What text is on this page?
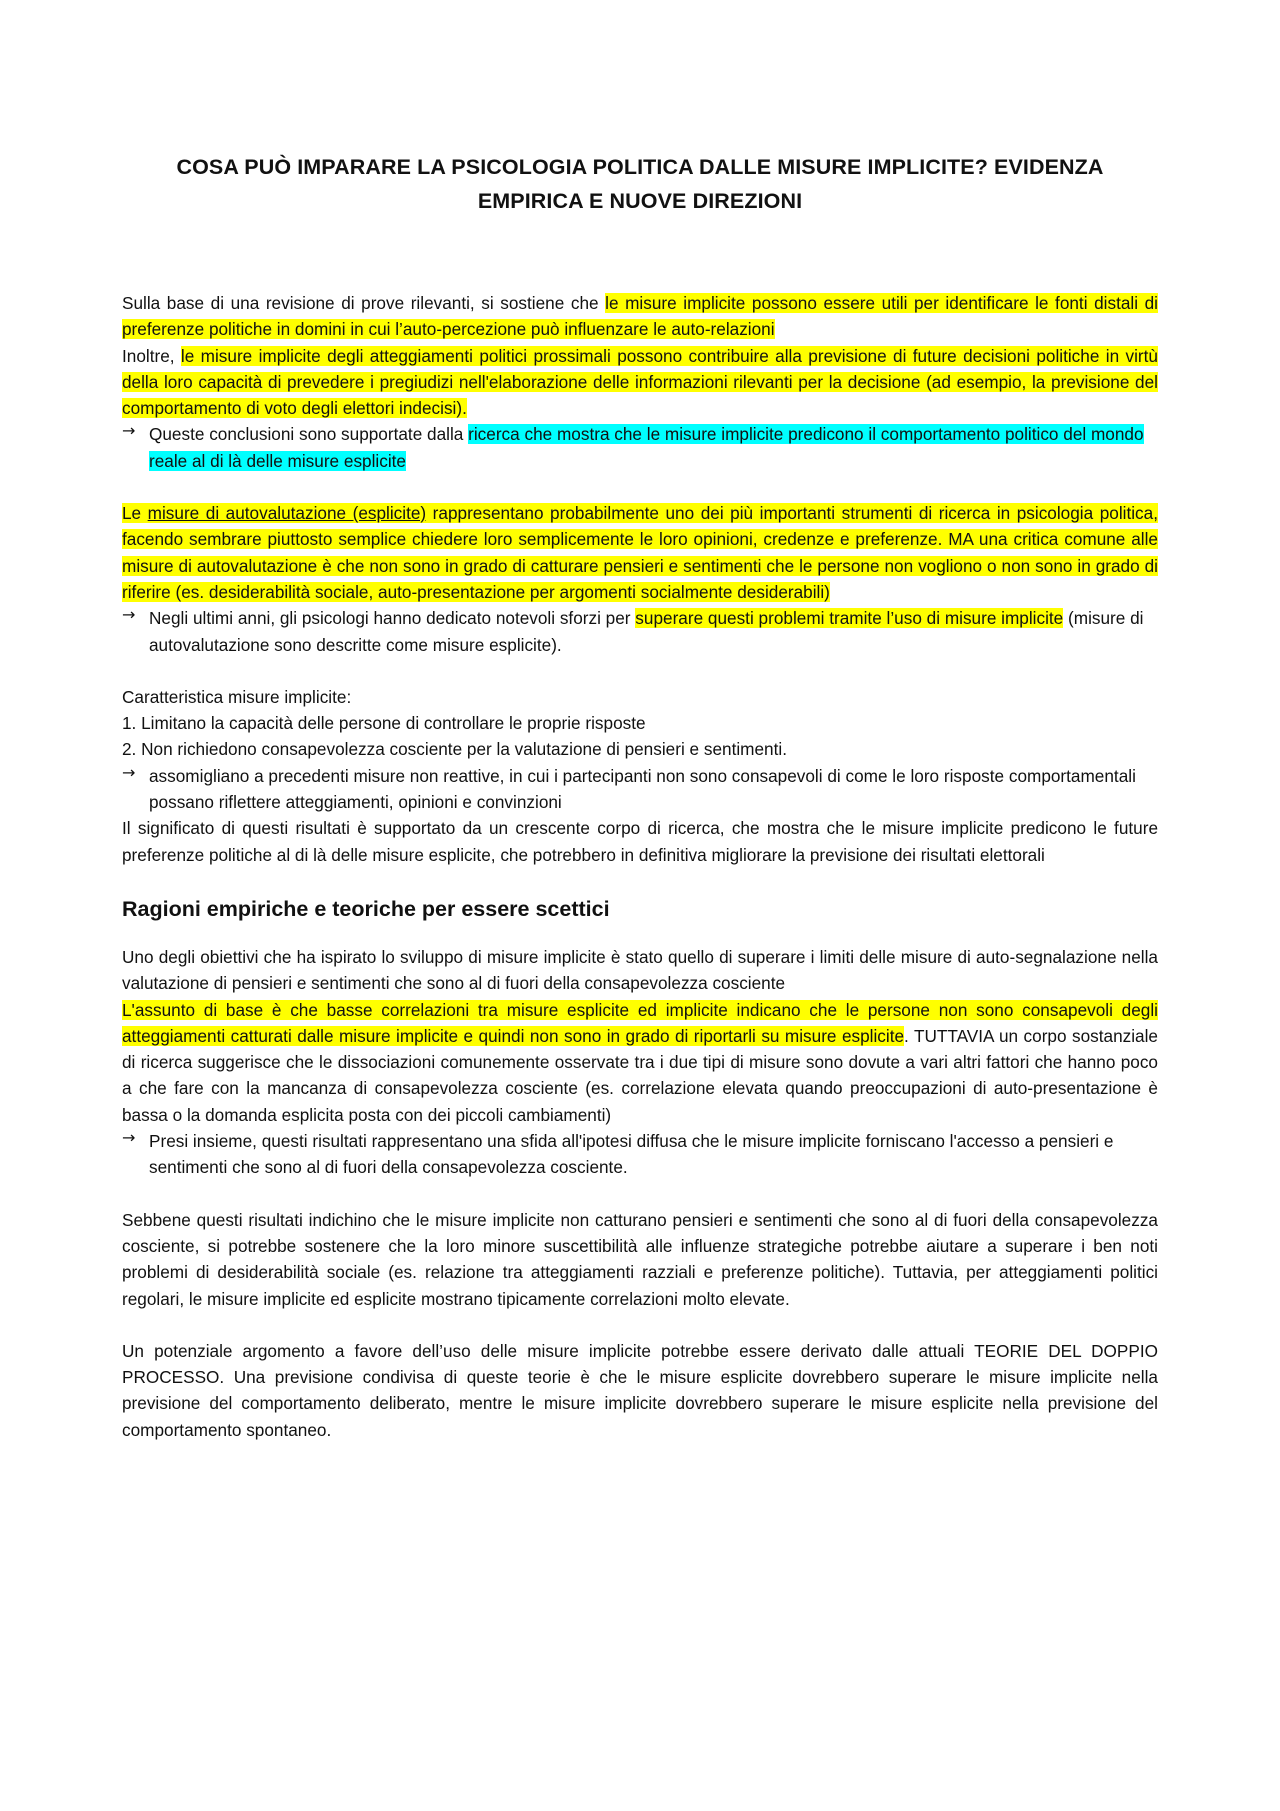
COSA PUÒ IMPARARE LA PSICOLOGIA POLITICA DALLE MISURE IMPLICITE? EVIDENZA EMPIRICA E NUOVE DIREZIONI

Sulla base di una revisione di prove rilevanti, si sostiene che le misure implicite possono essere utili per identificare le fonti distali di preferenze politiche in domini in cui l’auto-percezione può influenzare le auto-relazioni

Inoltre, le misure implicite degli atteggiamenti politici prossimali possono contribuire alla previsione di future decisioni politiche in virtù della loro capacità di prevedere i pregiudizi nell'elaborazione delle informazioni rilevanti per la decisione (ad esempio, la previsione del comportamento di voto degli elettori indecisi).

→ Queste conclusioni sono supportate dalla ricerca che mostra che le misure implicite predicono il comportamento politico del mondo reale al di là delle misure esplicite

Le misure di autovalutazione (esplicite) rappresentano probabilmente uno dei più importanti strumenti di ricerca in psicologia politica, facendo sembrare piuttosto semplice chiedere loro semplicemente le loro opinioni, credenze e preferenze. MA una critica comune alle misure di autovalutazione è che non sono in grado di catturare pensieri e sentimenti che le persone non vogliono o non sono in grado di riferire (es. desiderabilità sociale, auto-presentazione per argomenti socialmente desiderabili)

→ Negli ultimi anni, gli psicologi hanno dedicato notevoli sforzi per superare questi problemi tramite l’uso di misure implicite (misure di autovalutazione sono descritte come misure esplicite).

Caratteristica misure implicite:

1. Limitano la capacità delle persone di controllare le proprie risposte

2. Non richiedono consapevolezza cosciente per la valutazione di pensieri e sentimenti.

→ assomigliano a precedenti misure non reattive, in cui i partecipanti non sono consapevoli di come le loro risposte comportamentali possano riflettere atteggiamenti, opinioni e convinzioni

Il significato di questi risultati è supportato da un crescente corpo di ricerca, che mostra che le misure implicite predicono le future preferenze politiche al di là delle misure esplicite, che potrebbero in definitiva migliorare la previsione dei risultati elettorali

Ragioni empiriche e teoriche per essere scettici

Uno degli obiettivi che ha ispirato lo sviluppo di misure implicite è stato quello di superare i limiti delle misure di auto-segnalazione nella valutazione di pensieri e sentimenti che sono al di fuori della consapevolezza cosciente

L'assunto di base è che basse correlazioni tra misure esplicite ed implicite indicano che le persone non sono consapevoli degli atteggiamenti catturati dalle misure implicite e quindi non sono in grado di riportarli su misure esplicite. TUTTAVIA un corpo sostanziale di ricerca suggerisce che le dissociazioni comunemente osservate tra i due tipi di misure sono dovute a vari altri fattori che hanno poco a che fare con la mancanza di consapevolezza cosciente (es. correlazione elevata quando preoccupazioni di auto-presentazione è bassa o la domanda esplicita posta con dei piccoli cambiamenti)

→ Presi insieme, questi risultati rappresentano una sfida all'ipotesi diffusa che le misure implicite forniscano l'accesso a pensieri e sentimenti che sono al di fuori della consapevolezza cosciente.

Sebbene questi risultati indichino che le misure implicite non catturano pensieri e sentimenti che sono al di fuori della consapevolezza cosciente, si potrebbe sostenere che la loro minore suscettibilità alle influenze strategiche potrebbe aiutare a superare i ben noti problemi di desiderabilità sociale (es. relazione tra atteggiamenti razziali e preferenze politiche). Tuttavia, per atteggiamenti politici regolari, le misure implicite ed esplicite mostrano tipicamente correlazioni molto elevate.

Un potenziale argomento a favore dell’uso delle misure implicite potrebbe essere derivato dalle attuali TEORIE DEL DOPPIO PROCESSO. Una previsione condivisa di queste teorie è che le misure esplicite dovrebbero superare le misure implicite nella previsione del comportamento deliberato, mentre le misure implicite dovrebbero superare le misure esplicite nella previsione del comportamento spontaneo.
